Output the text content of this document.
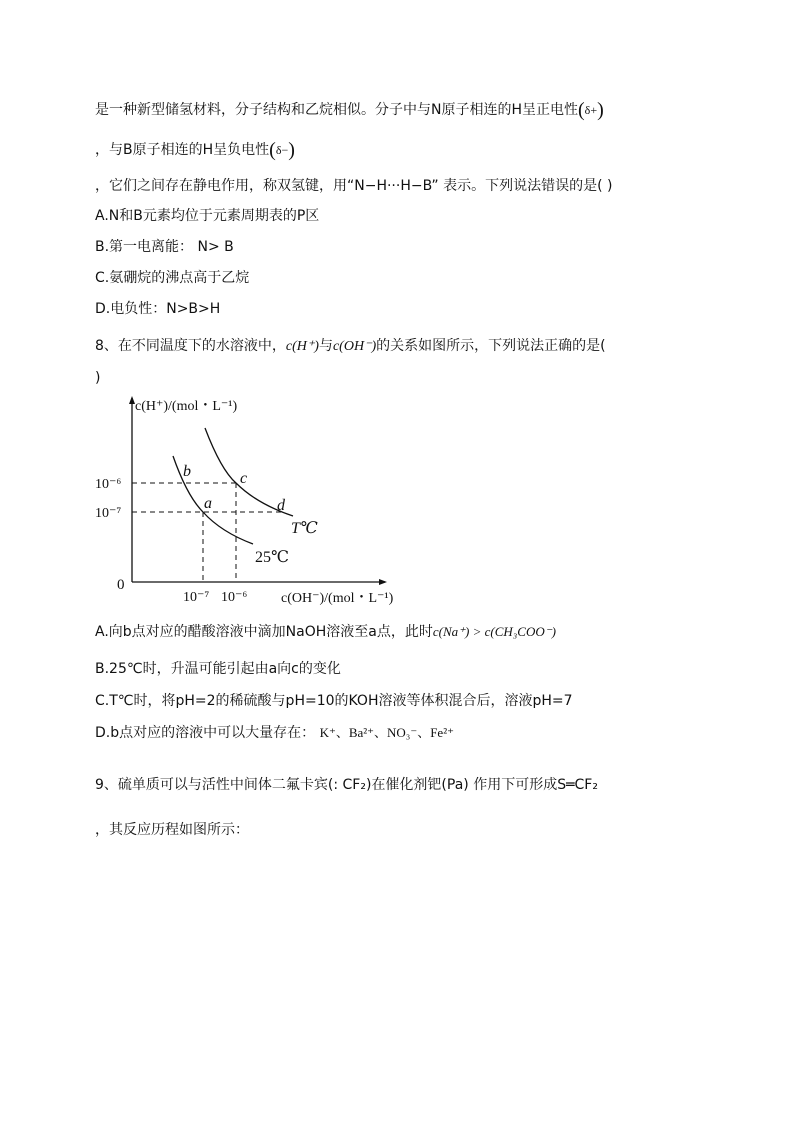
是一种新型储氢材料，分子结构和乙烷相似。分子中与N原子相连的H呈正电性(δ+)
，与B原子相连的H呈负电性(δ−)
，它们之间存在静电作用，称双氢键，用“N−H···H−B” 表示。下列说法错误的是( )
A.N和B元素均位于元素周期表的P区
B.第一电离能： N> B
C.氨硼烷的沸点高于乙烷
D.电负性：N>B>H
8、在不同温度下的水溶液中，c(H⁺)与c(OH⁻)的关系如图所示，下列说法正确的是(
)
c(H⁺)/(mol・L⁻¹)
c(OH⁻)/(mol・L⁻¹)
0
10⁻⁶
10⁻⁷
10⁻⁷ 10⁻⁶
b	c
a	d
25℃
T℃
A.向b点对应的醋酸溶液中滴加NaOH溶液至a点，此时c(Na⁺) > c(CH₃COO⁻)
B.25℃时，升温可能引起由a向c的变化
C.T℃时，将pH=2的稀硫酸与pH=10的KOH溶液等体积混合后，溶液pH=7
D.b点对应的溶液中可以大量存在： K⁺、Ba²⁺、NO₃⁻、Fe²⁺
9、硫单质可以与活性中间体二氟卡宾(: CF₂)在催化剂钯(Pa) 作用下可形成S═CF₂
，其反应历程如图所示：
